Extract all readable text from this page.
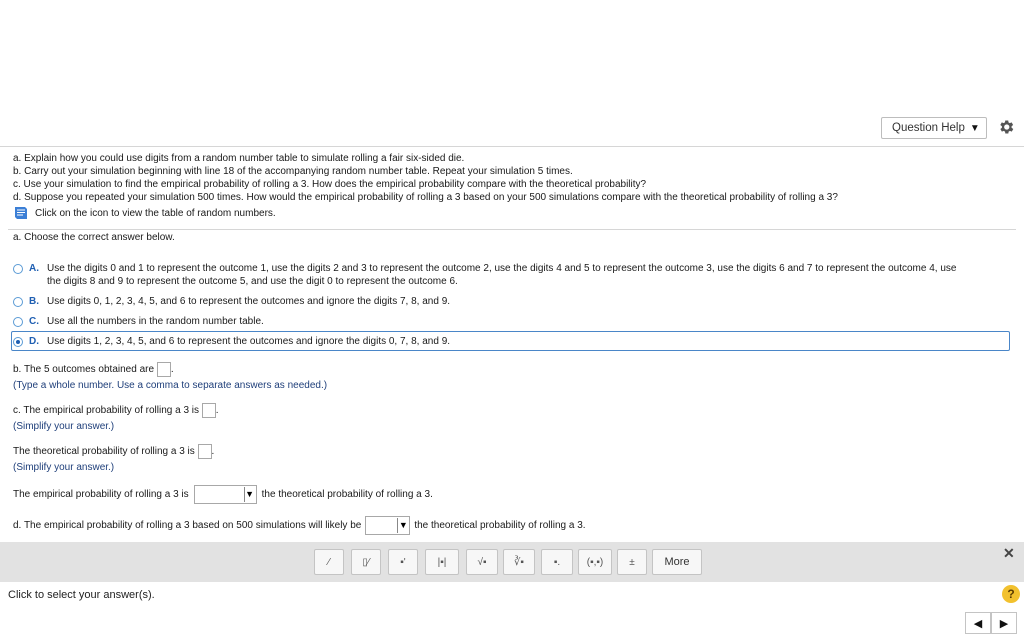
Question Help ▼
a. Explain how you could use digits from a random number table to simulate rolling a fair six-sided die.
b. Carry out your simulation beginning with line 18 of the accompanying random number table. Repeat your simulation 5 times.
c. Use your simulation to find the empirical probability of rolling a 3. How does the empirical probability compare with the theoretical probability?
d. Suppose you repeated your simulation 500 times. How would the empirical probability of rolling a 3 based on your 500 simulations compare with the theoretical probability of rolling a 3?
Click on the icon to view the table of random numbers.
a. Choose the correct answer below.
A. Use the digits 0 and 1 to represent the outcome 1, use the digits 2 and 3 to represent the outcome 2, use the digits 4 and 5 to represent the outcome 3, use the digits 6 and 7 to represent the outcome 4, use
the digits 8 and 9 to represent the outcome 5, and use the digit 0 to represent the outcome 6.
B. Use digits 0, 1, 2, 3, 4, 5, and 6 to represent the outcomes and ignore the digits 7, 8, and 9.
C. Use all the numbers in the random number table.
D. Use digits 1, 2, 3, 4, 5, and 6 to represent the outcomes and ignore the digits 0, 7, 8, and 9.
b. The 5 outcomes obtained are .
(Type a whole number. Use a comma to separate answers as needed.)
c. The empirical probability of rolling a 3 is .
(Simplify your answer.)
The theoretical probability of rolling a 3 is .
(Simplify your answer.)
The empirical probability of rolling a 3 is	▼ the theoretical probability of rolling a 3.
d. The empirical probability of rolling a 3 based on 500 simulations will likely be	▼ the theoretical probability of rolling a 3.
⁄	▯⁄	▪'	|▪|	√▪	∛▪	▪.	(▪,▪)	±	More
✕
Click to select your answer(s).	?
◀	▶
